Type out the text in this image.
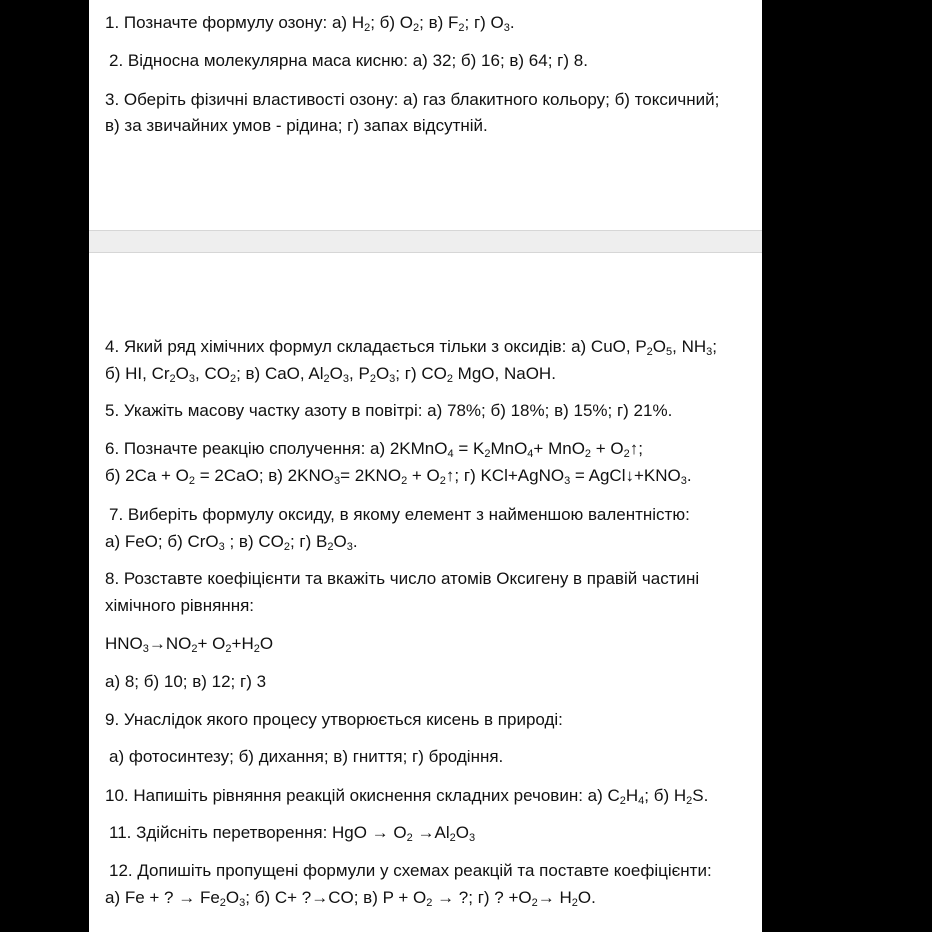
1. Позначте формулу озону: а) $H_2$; б) $O_2$; в) $F_2$; г) $O_3$.
2. Відносна молекулярна маса кисню: а) 32; б) 16; в) 64; г) 8.
3. Оберіть фізичні властивості озону: а) газ блакитного кольору; б) токсичний;
в) за звичайних умов - рідина; г) запах відсутній.
4. Який ряд хімічних формул складається тільки з оксидів: а) CuO, $P_2O_5$, $NH_3$;
б) HI, $Cr_2O_3$, $CO_2$; в) CaO, $Al_2O_3$, $P_2O_3$; г) $CO_2$ MgO, NaOH.
5. Укажіть масову частку азоту в повітрі: а) 78%; б) 18%; в) 15%; г) 21%.
6. Позначте реакцію сполучення: а) 2KMnO$_4$ = $K_2MnO_4+ MnO_2$ + $O_2↑$;
б) $2Ca + O_2 = 2CaO$; в) $2KNO_3= 2KNO_2$ + $O_2↑$; г) KCl+AgNO$_3$ = $AgCl↓+KNO_3$.
7. Виберіть формулу оксиду, в якому елемент з найменшою валентністю:
а) FeO; б) CrO$_3$ ; в) $CO_2$; г) $B_2O_3$.
8. Розставте коефіцієнти та вкажіть число атомів Оксигену в правій частині
хімічного рівняння:
$HNO_3\to NO_2+ O_2+H_2O$
а) 8; б) 10; в) 12; г) 3
9. Унаслідок якого процесу утворюється кисень в природі:
а) фотосинтезу; б) дихання; в) гниття; г) бродіння.
10. Напишіть рівняння реакцій окиснення складних речовин: а) $C_2H_4$; б) $H_2S$.
11. Здійсніть перетворення: HgO → $O_2 \to Al_2O_3$
12. Допишіть пропущені формули у схемах реакцій та поставте коефіцієнти:
а) Fe + ? → $Fe_2O_3$; б) C+ ?→CO; в) $P + O_2$ → ?; г) ? $+O_2\to H_2O$.
